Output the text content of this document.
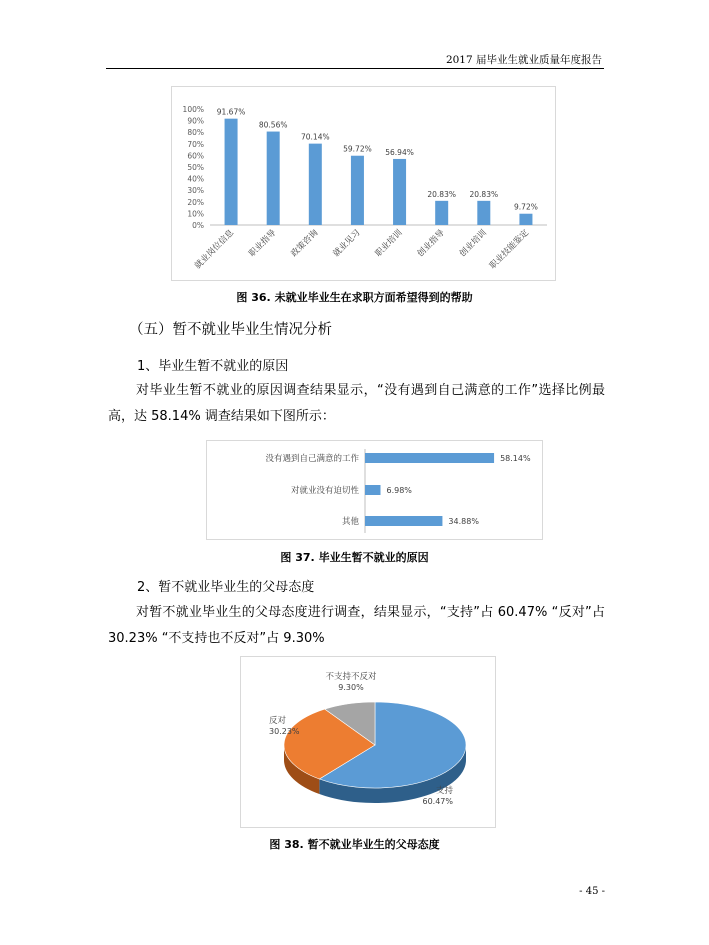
2017 届毕业生就业质量年度报告
0%
10%
20%
30%
40%
50%
60%
70%
80%
90%
100% 91.67%
就业岗位信息
80.56%
职业指导
70.14%
政策咨询
59.72%
就业见习
56.94%
职业培训
20.83%
创业指导
20.83%
创业培训
9.72%
职业技能鉴定
图 36. 未就业毕业生在求职方面希望得到的帮助
（五）暂不就业毕业生情况分析
1、毕业生暂不就业的原因
对毕业生暂不就业的原因调查结果显示，“没有遇到自己满意的工作”选择比例最高，达 58.14% 调查结果如下图所示：
没有遇到自己满意的工作	58.14%
对就业没有迫切性	6.98%
其他	34.88%
图 37. 毕业生暂不就业的原因
2、暂不就业毕业生的父母态度
对暂不就业毕业生的父母态度进行调查，结果显示，“支持”占 60.47% “反对”占 30.23% “不支持也不反对”占 9.30%
支持
60.47%
反对
30.23%
不支持不反对
9.30%
图 38. 暂不就业毕业生的父母态度
- 45 -
